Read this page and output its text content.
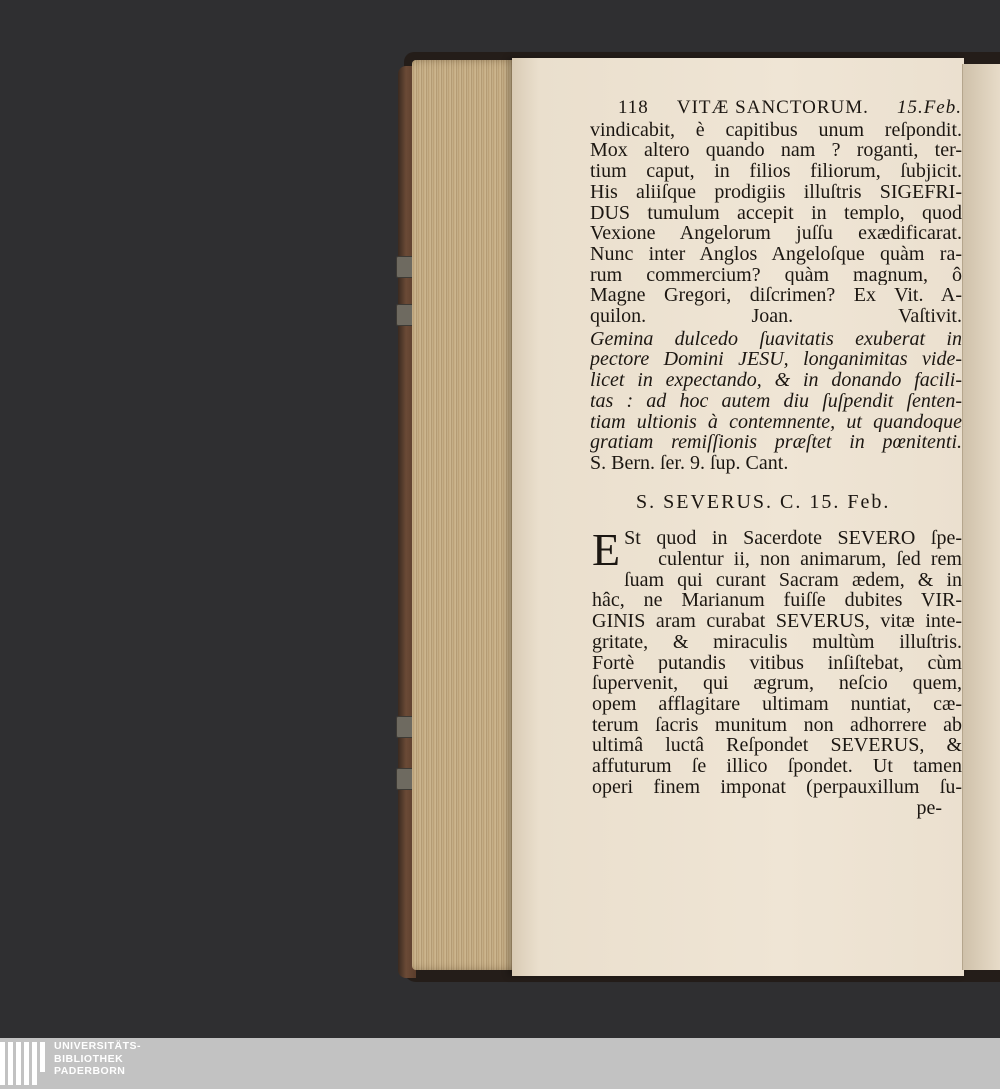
118 VITÆ SANCTORUM. 15.Feb.
vindicabit, è capitibus unum reſpondit.
Mox altero quando nam ? roganti, ter-
tium caput, in filios filiorum, ſubjicit.
His aliiſque prodigiis illuſtris SIGEFRI-
DUS tumulum accepit in templo, quod
Vexione Angelorum juſſu exædificarat.
Nunc inter Anglos Angeloſque quàm ra-
rum commercium? quàm magnum, ô
Magne Gregori, diſcrimen? Ex Vit. A-
quilon. Joan. Vaſtivit.
Gemina dulcedo ſuavitatis exuberat in
pectore Domini JESU, longanimitas vide-
licet in expectando, & in donando facili-
tas : ad hoc autem diu ſuſpendit ſenten-
tiam ultionis à contemnente, ut quandoque
gratiam remiſſionis præſtet in pœnitenti.
S. Bern. ſer. 9. ſup. Cant.
S. SEVERUS. C. 15. Feb.
E St quod in Sacerdote SEVERO ſpe-
culentur ii, non animarum, ſed rem
ſuam qui curant Sacram ædem, & in
hâc, ne Marianum fuiſſe dubites VIR-
GINIS aram curabat SEVERUS, vitæ inte-
gritate, & miraculis multùm illuſtris.
Fortè putandis vitibus inſiſtebat, cùm
ſupervenit, qui ægrum, neſcio quem,
opem afflagitare ultimam nuntiat, cæ-
terum ſacris munitum non adhorrere ab
ultimâ luctâ Reſpondet SEVERUS, &
affuturum ſe illico ſpondet. Ut tamen
operi finem imponat (perpauxillum ſu-
pe-
UNIVERSITÄTS-
BIBLIOTHEK
PADERBORN
